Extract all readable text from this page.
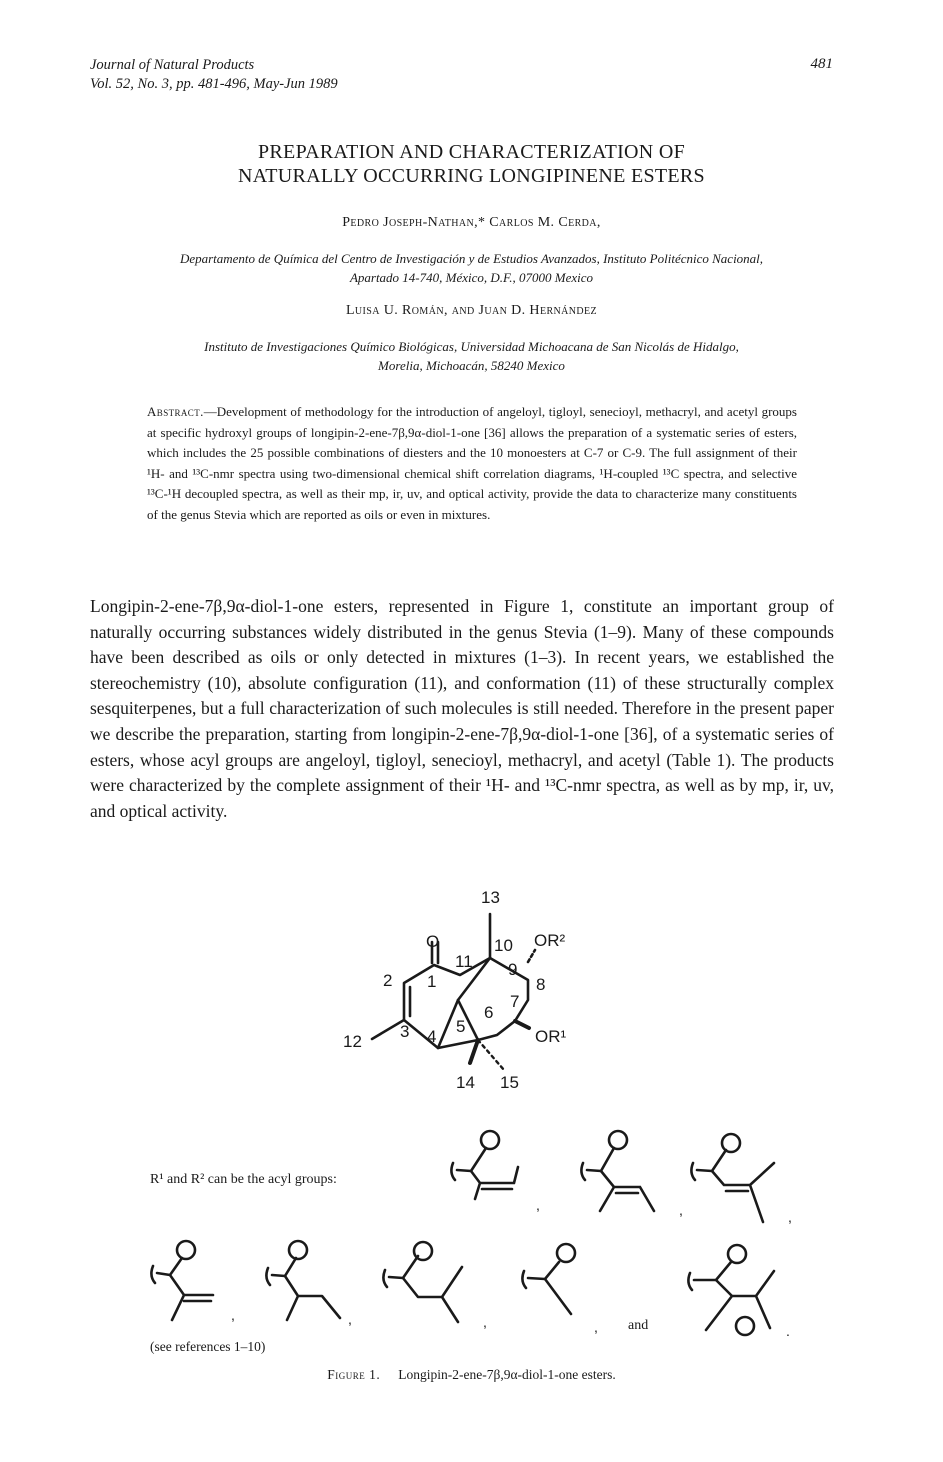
Journal of Natural Products
Vol. 52, No. 3, pp. 481-496, May-Jun 1989
481
PREPARATION AND CHARACTERIZATION OF
NATURALLY OCCURRING LONGIPINENE ESTERS
Pedro Joseph-Nathan,* Carlos M. Cerda,
Departamento de Química del Centro de Investigación y de Estudios Avanzados, Instituto Politécnico Nacional,
Apartado 14-740, México, D.F., 07000 Mexico
Luisa U. Román, and Juan D. Hernández
Instituto de Investigaciones Químico Biológicas, Universidad Michoacana de San Nicolás de Hidalgo,
Morelia, Michoacán, 58240 Mexico
Abstract.—Development of methodology for the introduction of angeloyl, tigloyl, senecioyl, methacryl, and acetyl groups at specific hydroxyl groups of longipin-2-ene-7β,9α-diol-1-one [36] allows the preparation of a systematic series of esters, which includes the 25 possible combinations of diesters and the 10 monoesters at C-7 or C-9. The full assignment of their ¹H- and ¹³C-nmr spectra using two-dimensional chemical shift correlation diagrams, ¹H-coupled ¹³C spectra, and selective ¹³C-¹H decoupled spectra, as well as their mp, ir, uv, and optical activity, provide the data to characterize many constituents of the genus Stevia which are reported as oils or even in mixtures.
Longipin-2-ene-7β,9α-diol-1-one esters, represented in Figure 1, constitute an important group of naturally occurring substances widely distributed in the genus Stevia (1–9). Many of these compounds have been described as oils or only detected in mixtures (1–3). In recent years, we established the stereochemistry (10), absolute configuration (11), and conformation (11) of these structurally complex sesquiterpenes, but a full characterization of such molecules is still needed. Therefore in the present paper we describe the preparation, starting from longipin-2-ene-7β,9α-diol-1-one [36], of a systematic series of esters, whose acyl groups are angeloyl, tigloyl, senecioyl, methacryl, and acetyl (Table 1). The products were characterized by the complete assignment of their ¹H- and ¹³C-nmr spectra, as well as by mp, ir, uv, and optical activity.
13
O	10 OR²
2
11
1
9
8
7
6
12
3 4
5
OR¹
14 15
,	,	,
,	,	,	,	.
R¹ and R² can be the acyl groups:
and
(see references 1–10)
Figure 1. Longipin-2-ene-7β,9α-diol-1-one esters.
